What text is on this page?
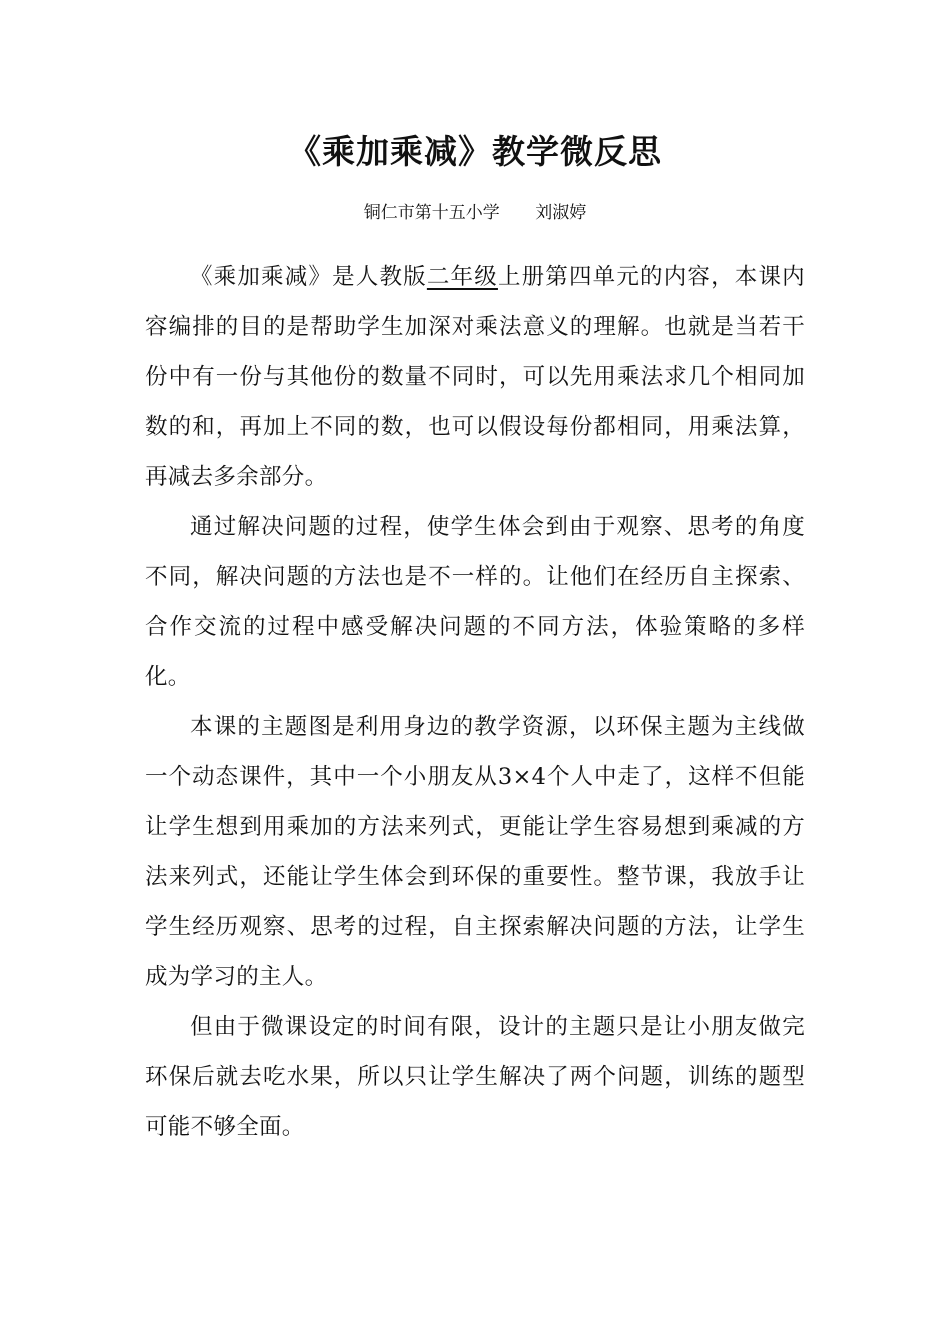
《乘加乘减》教学微反思
铜仁市第十五小学 刘淑婷

《乘加乘减》是人教版二年级上册第四单元的内容，本课内容编排的目的是帮助学生加深对乘法意义的理解。也就是当若干份中有一份与其他份的数量不同时，可以先用乘法求几个相同加数的和，再加上不同的数，也可以假设每份都相同，用乘法算，再减去多余部分。

通过解决问题的过程，使学生体会到由于观察、思考的角度不同，解决问题的方法也是不一样的。让他们在经历自主探索、合作交流的过程中感受解决问题的不同方法，体验策略的多样化。

本课的主题图是利用身边的教学资源，以环保主题为主线做一个动态课件，其中一个小朋友从3×4个人中走了，这样不但能让学生想到用乘加的方法来列式，更能让学生容易想到乘减的方法来列式，还能让学生体会到环保的重要性。整节课，我放手让学生经历观察、思考的过程，自主探索解决问题的方法，让学生成为学习的主人。

但由于微课设定的时间有限，设计的主题只是让小朋友做完环保后就去吃水果，所以只让学生解决了两个问题，训练的题型可能不够全面。
